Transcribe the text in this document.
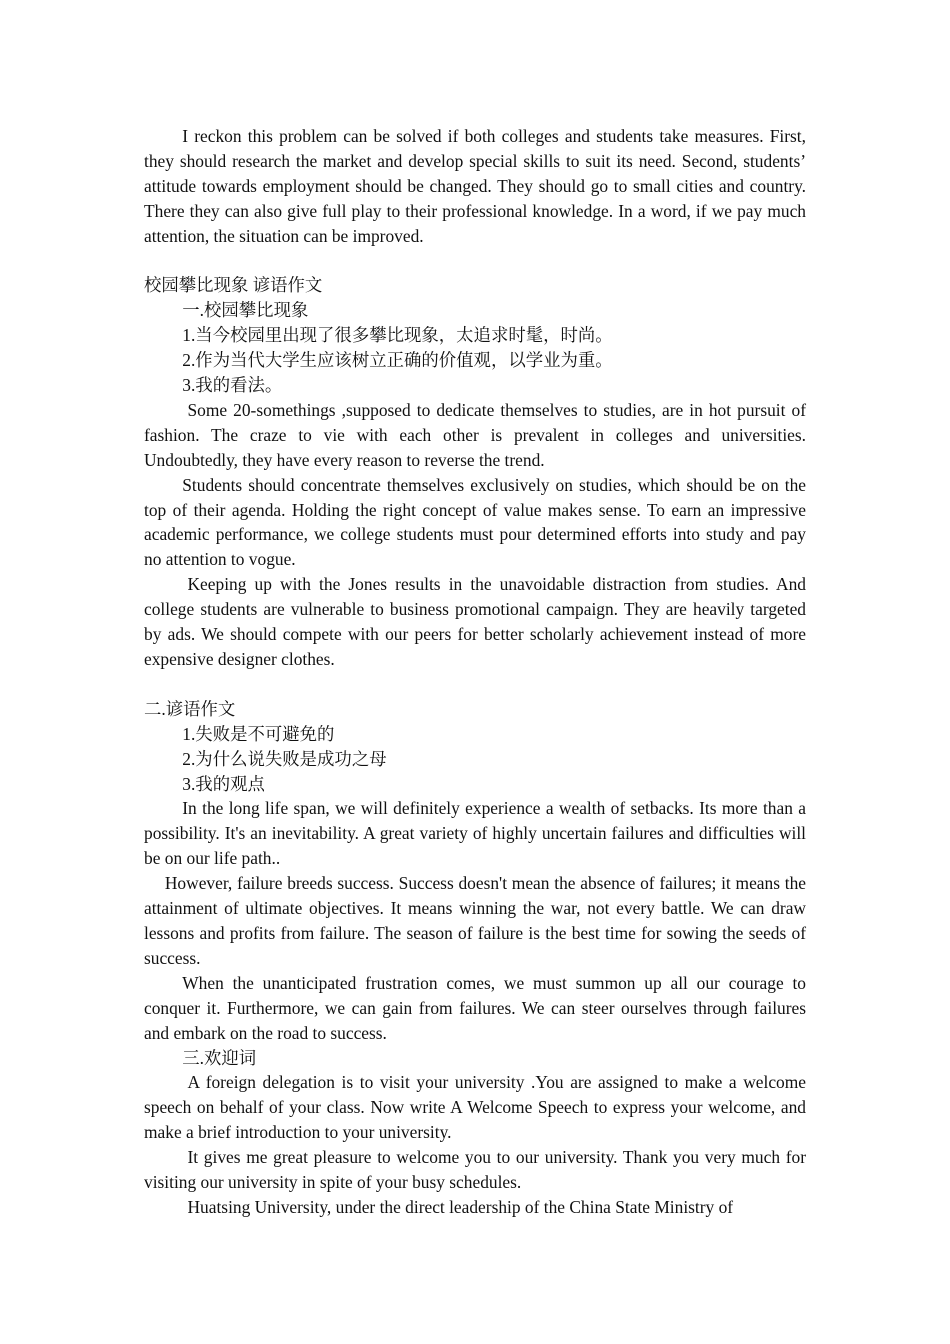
I reckon this problem can be solved if both colleges and students take measures. First, they should research the market and develop special skills to suit its need. Second, students’ attitude towards employment should be changed. They should go to small cities and country. There they can also give full play to their professional knowledge. In a word, if we pay much attention, the situation can be improved.

校园攀比现象 谚语作文

一.校园攀比现象

1.当今校园里出现了很多攀比现象，太追求时髦，时尚。

2.作为当代大学生应该树立正确的价值观，以学业为重。

3.我的看法。

Some 20-somethings ,supposed to dedicate themselves to studies, are in hot pursuit of fashion. The craze to vie with each other is prevalent in colleges and universities. Undoubtedly, they have every reason to reverse the trend.

Students should concentrate themselves exclusively on studies, which should be on the top of their agenda. Holding the right concept of value makes sense. To earn an impressive academic performance, we college students must pour determined efforts into study and pay no attention to vogue.

Keeping up with the Jones results in the unavoidable distraction from studies. And college students are vulnerable to business promotional campaign. They are heavily targeted by ads. We should compete with our peers for better scholarly achievement instead of more expensive designer clothes.

二.谚语作文

1.失败是不可避免的

2.为什么说失败是成功之母

3.我的观点

In the long life span, we will definitely experience a wealth of setbacks. Its more than a possibility. It's an inevitability. A great variety of highly uncertain failures and difficulties will be on our life path..

However, failure breeds success. Success doesn't mean the absence of failures; it means the attainment of ultimate objectives. It means winning the war, not every battle. We can draw lessons and profits from failure. The season of failure is the best time for sowing the seeds of success.

When the unanticipated frustration comes, we must summon up all our courage to conquer it. Furthermore, we can gain from failures. We can steer ourselves through failures and embark on the road to success.

三.欢迎词

A foreign delegation is to visit your university .You are assigned to make a welcome speech on behalf of your class. Now write A Welcome Speech to express your welcome, and make a brief introduction to your university.

It gives me great pleasure to welcome you to our university. Thank you very much for visiting our university in spite of your busy schedules.

Huatsing University, under the direct leadership of the China State Ministry of
